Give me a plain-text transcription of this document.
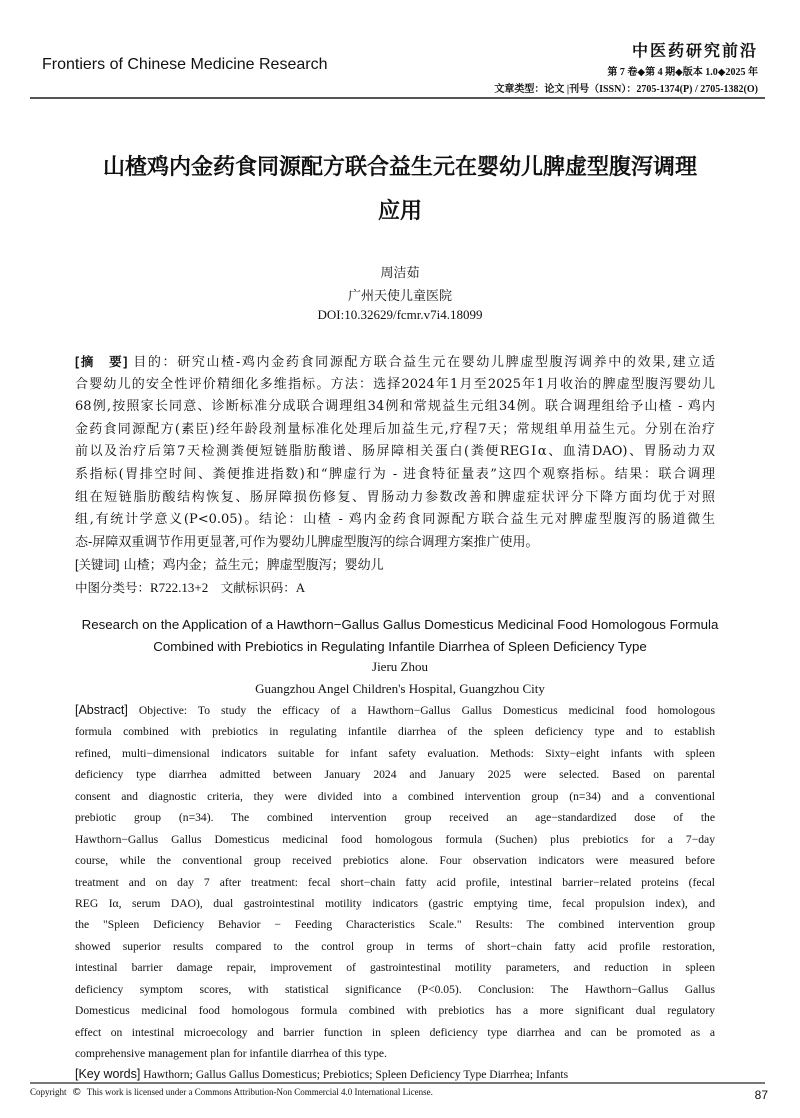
Frontiers of Chinese Medicine Research
中医药研究前沿
第 7 卷◆第 4 期◆版本 1.0◆2025 年
文章类型：论文 |刊号（ISSN）：2705-1374(P) / 2705-1382(O)
山楂鸡内金药食同源配方联合益生元在婴幼儿脾虚型腹泻调理
应用
周洁茹
广州天使儿童医院
DOI:10.32629/fcmr.v7i4.18099
[摘　要] 目的：研究山楂-鸡内金药食同源配方联合益生元在婴幼儿脾虚型腹泻调养中的效果,建立适
合婴幼儿的安全性评价精细化多维指标。方法：选择2024年1月至2025年1月收治的脾虚型腹泻婴幼儿
68例,按照家长同意、诊断标准分成联合调理组34例和常规益生元组34例。联合调理组给予山楂 - 鸡内
金药食同源配方(素臣)经年龄段剂量标准化处理后加益生元,疗程7天；常规组单用益生元。分别在治疗
前以及治疗后第7天检测粪便短链脂肪酸谱、肠屏障相关蛋白(粪便REGⅠα、血清DAO)、胃肠动力双
系指标(胃排空时间、粪便推进指数)和“脾虚行为 - 进食特征量表”这四个观察指标。结果：联合调理
组在短链脂肪酸结构恢复、肠屏障损伤修复、胃肠动力参数改善和脾虚症状评分下降方面均优于对照
组,有统计学意义(P<0.05)。结论：山楂 - 鸡内金药食同源配方联合益生元对脾虚型腹泻的肠道微生
态-屏障双重调节作用更显著,可作为婴幼儿脾虚型腹泻的综合调理方案推广使用。
[关键词] 山楂；鸡内金；益生元；脾虚型腹泻；婴幼儿
中图分类号：R722.13+2 文献标识码：A
Research on the Application of a Hawthorn−Gallus Gallus Domesticus Medicinal Food Homologous Formula
Combined with Prebiotics in Regulating Infantile Diarrhea of Spleen Deficiency Type
Jieru Zhou
Guangzhou Angel Children's Hospital, Guangzhou City
[Abstract] Objective: To study the efficacy of a Hawthorn−Gallus Gallus Domesticus medicinal food homologous
formula combined with prebiotics in regulating infantile diarrhea of the spleen deficiency type and to establish
refined, multi−dimensional indicators suitable for infant safety evaluation. Methods: Sixty−eight infants with spleen
deficiency type diarrhea admitted between January 2024 and January 2025 were selected. Based on parental
consent and diagnostic criteria, they were divided into a combined intervention group (n=34) and a conventional
prebiotic group (n=34). The combined intervention group received an age−standardized dose of the
Hawthorn−Gallus Gallus Domesticus medicinal food homologous formula (Suchen) plus prebiotics for a 7−day
course, while the conventional group received prebiotics alone. Four observation indicators were measured before
treatment and on day 7 after treatment: fecal short−chain fatty acid profile, intestinal barrier−related proteins (fecal
REG Iα, serum DAO), dual gastrointestinal motility indicators (gastric emptying time, fecal propulsion index), and
the "Spleen Deficiency Behavior − Feeding Characteristics Scale." Results: The combined intervention group
showed superior results compared to the control group in terms of short−chain fatty acid profile restoration,
intestinal barrier damage repair, improvement of gastrointestinal motility parameters, and reduction in spleen
deficiency symptom scores, with statistical significance (P<0.05). Conclusion: The Hawthorn−Gallus Gallus
Domesticus medicinal food homologous formula combined with prebiotics has a more significant dual regulatory
effect on intestinal microecology and barrier function in spleen deficiency type diarrhea and can be promoted as a
comprehensive management plan for infantile diarrhea of this type.
[Key words] Hawthorn; Gallus Gallus Domesticus; Prebiotics; Spleen Deficiency Type Diarrhea; Infants
Copyright © This work is licensed under a Commons Attribution-Non Commercial 4.0 International License.	87
